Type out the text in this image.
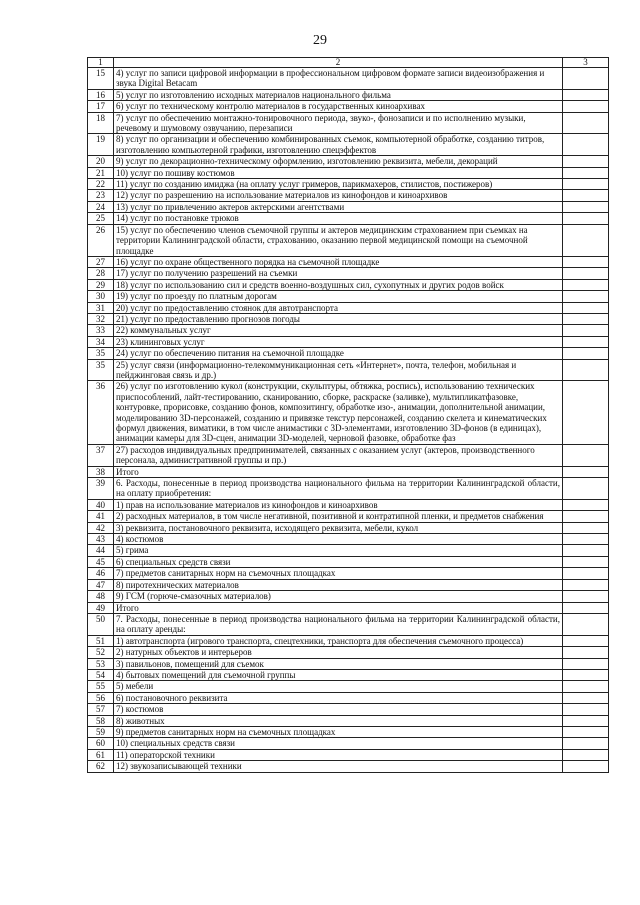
29
1	2	3
15	4) услуг по записи цифровой информации в профессиональном цифровом формате записи видеоизображения и звука Digital Betacam	
16	5) услуг по изготовлению исходных материалов национального фильма	
17	6) услуг по техническому контролю материалов в государственных киноархивах	
18	7) услуг по обеспечению монтажно-тонировочного периода, звуко-, фонозаписи и по исполнению музыки, речевому и шумовому озвучанию, перезаписи	
19	8) услуг по организации и обеспечению комбинированных съемок, компьютерной обработке, созданию титров, изготовлению компьютерной графики, изготовлению спецэффектов	
20	9) услуг по декорационно-техническому оформлению, изготовлению реквизита, мебели, декораций	
21	10) услуг по пошиву костюмов	
22	11) услуг по созданию имиджа (на оплату услуг гримеров, парикмахеров, стилистов, постижеров)	
23	12) услуг по разрешению на использование материалов из кинофондов и киноархивов	
24	13) услуг по привлечению актеров актерскими агентствами	
25	14) услуг по постановке трюков	
26	15) услуг по обеспечению членов съемочной группы и актеров медицинским страхованием при съемках на территории Калининградской области, страхованию, оказанию первой медицинской помощи на съемочной площадке	
27	16) услуг по охране общественного порядка на съемочной площадке	
28	17) услуг по получению разрешений на съемки	
29	18) услуг по использованию сил и средств военно-воздушных сил, сухопутных и других родов войск	
30	19) услуг по проезду по платным дорогам	
31	20) услуг по предоставлению стоянок для автотранспорта	
32	21) услуг по предоставлению прогнозов погоды	
33	22) коммунальных услуг	
34	23) клининговых услуг	
35	24) услуг по обеспечению питания на съемочной площадке	
35	25) услуг связи (информационно-телекоммуникационная сеть «Интернет», почта, телефон, мобильная и пейджинговая связь и др.)	
36	26) услуг по изготовлению кукол (конструкции, скульптуры, обтяжка, роспись), использованию технических приспособлений, лайт-тестированию, сканированию, сборке, раскраске (заливке), мультипликатфазовке, контуровке, прорисовке, созданию фонов, композитингу, обработке изо-, анимации, дополнительной анимации, моделированию 3D-персонажей, созданию и привязке текстур персонажей, созданию скелета и кинематических формул движения, виматики, в том числе анимастики с 3D-элементами, изготовлению 3D-фонов (в единицах), анимации камеры для 3D-сцен, анимации 3D-моделей, черновой фазовке, обработке фаз	
37	27) расходов индивидуальных предпринимателей, связанных с оказанием услуг (актеров, производственного персонала, административной группы и пр.)	
38	Итого	
39	6. Расходы, понесенные в период производства национального фильма на территории Калининградской области, на оплату приобретения:	
40	1) прав на использование материалов из кинофондов и киноархивов	
41	2) расходных материалов, в том числе негативной, позитивной и контратипной пленки, и предметов снабжения	
42	3) реквизита, постановочного реквизита, исходящего реквизита, мебели, кукол	
43	4) костюмов	
44	5) грима	
45	6) специальных средств связи	
46	7) предметов санитарных норм на съемочных площадках	
47	8) пиротехнических материалов	
48	9) ГСМ (горюче-смазочных материалов)	
49	Итого	
50	7. Расходы, понесенные в период производства национального фильма на территории Калининградской области, на оплату аренды:	
51	1) автотранспорта (игрового транспорта, спецтехники, транспорта для обеспечения съемочного процесса)	
52	2) натурных объектов и интерьеров	
53	3) павильонов, помещений для съемок	
54	4) бытовых помещений для съемочной группы	
55	5) мебели	
56	6) постановочного реквизита	
57	7) костюмов	
58	8) животных	
59	9) предметов санитарных норм на съемочных площадках	
60	10) специальных средств связи	
61	11) операторской техники	
62	12) звукозаписывающей техники	
